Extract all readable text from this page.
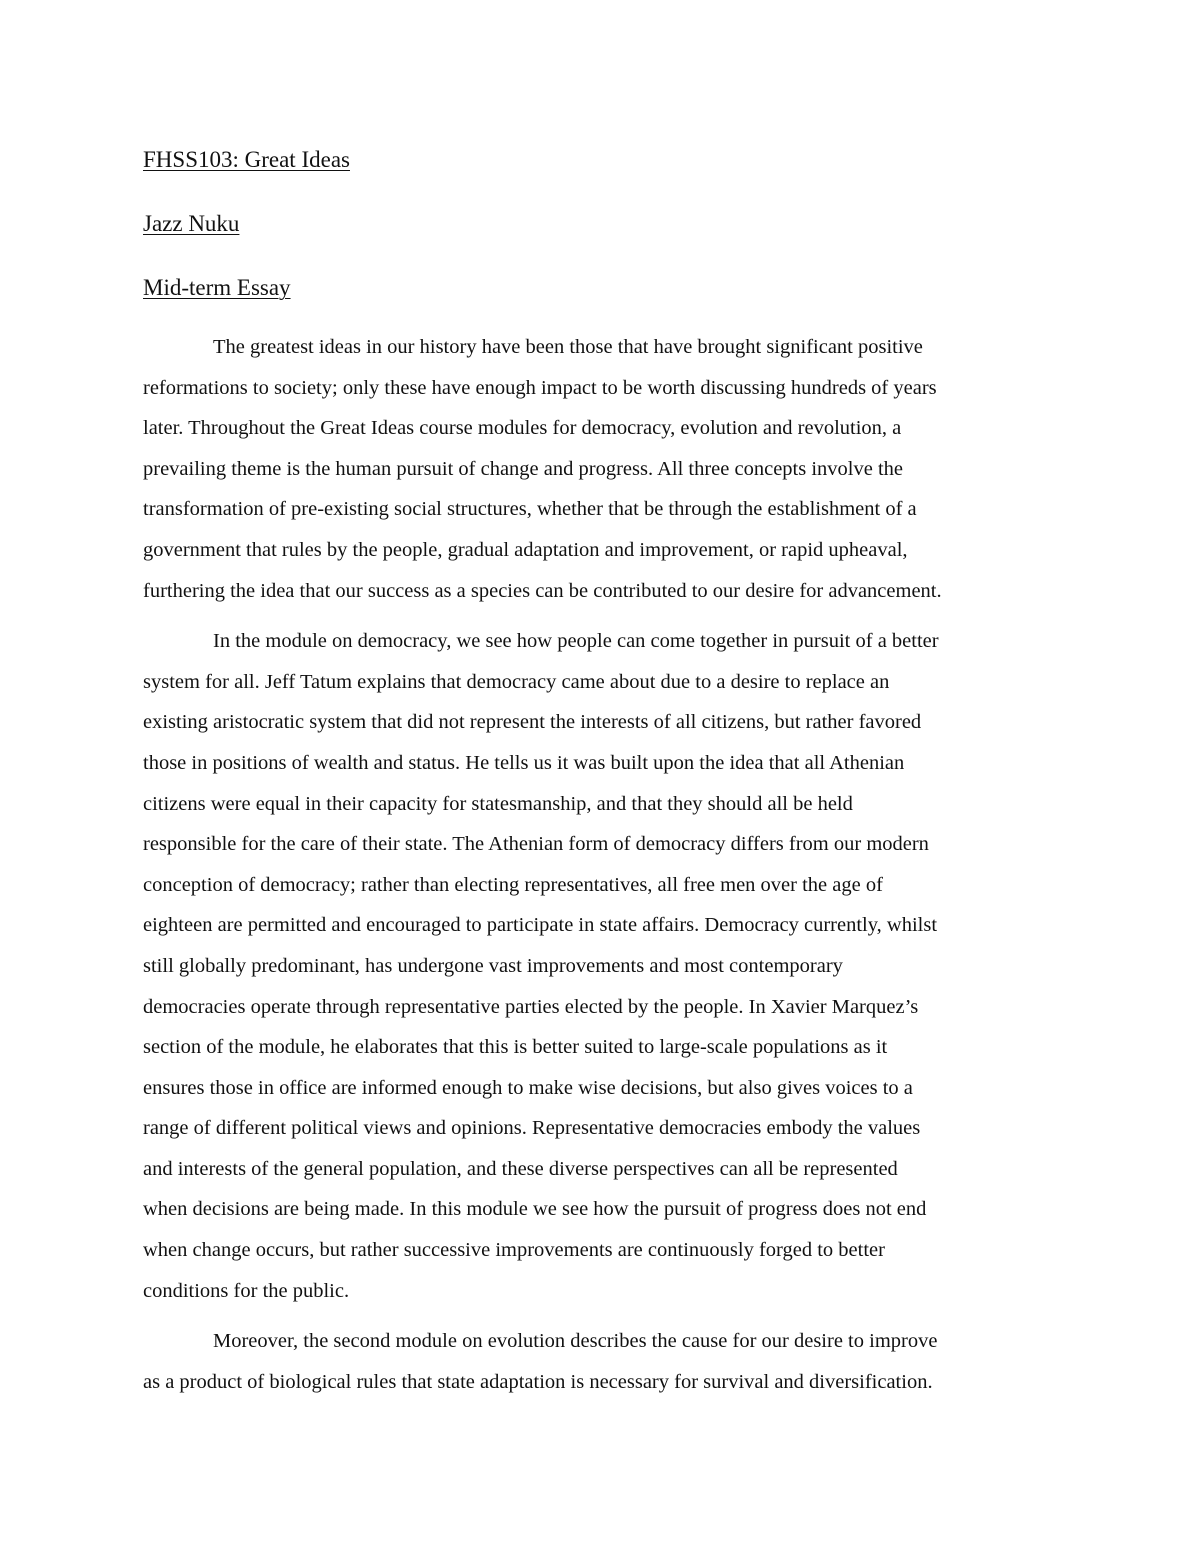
FHSS103: Great Ideas
Jazz Nuku
Mid-term Essay

The greatest ideas in our history have been those that have brought significant positive
reformations to society; only these have enough impact to be worth discussing hundreds of years
later. Throughout the Great Ideas course modules for democracy, evolution and revolution, a
prevailing theme is the human pursuit of change and progress. All three concepts involve the
transformation of pre-existing social structures, whether that be through the establishment of a
government that rules by the people, gradual adaptation and improvement, or rapid upheaval,
furthering the idea that our success as a species can be contributed to our desire for advancement.

In the module on democracy, we see how people can come together in pursuit of a better
system for all. Jeff Tatum explains that democracy came about due to a desire to replace an
existing aristocratic system that did not represent the interests of all citizens, but rather favored
those in positions of wealth and status. He tells us it was built upon the idea that all Athenian
citizens were equal in their capacity for statesmanship, and that they should all be held
responsible for the care of their state. The Athenian form of democracy differs from our modern
conception of democracy; rather than electing representatives, all free men over the age of
eighteen are permitted and encouraged to participate in state affairs. Democracy currently, whilst
still globally predominant, has undergone vast improvements and most contemporary
democracies operate through representative parties elected by the people. In Xavier Marquez’s
section of the module, he elaborates that this is better suited to large-scale populations as it
ensures those in office are informed enough to make wise decisions, but also gives voices to a
range of different political views and opinions. Representative democracies embody the values
and interests of the general population, and these diverse perspectives can all be represented
when decisions are being made. In this module we see how the pursuit of progress does not end
when change occurs, but rather successive improvements are continuously forged to better
conditions for the public.

Moreover, the second module on evolution describes the cause for our desire to improve
as a product of biological rules that state adaptation is necessary for survival and diversification.
